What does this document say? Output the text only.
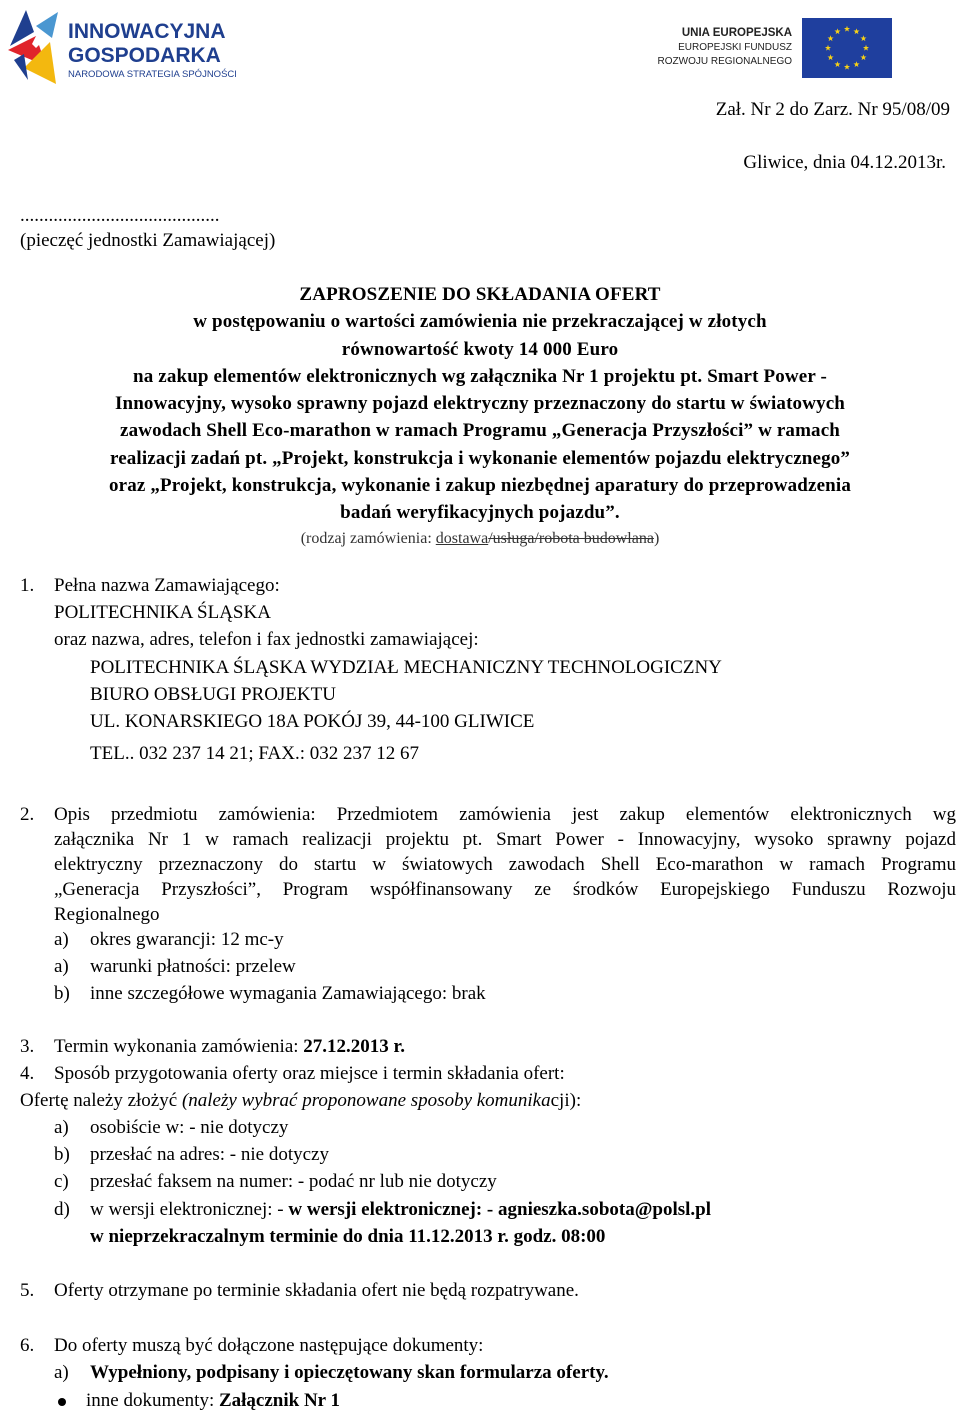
INNOWACYJNA
GOSPODARKA
NARODOWA STRATEGIA SPÓJNOŚCI
UNIA EUROPEJSKA
EUROPEJSKI FUNDUSZ
ROZWOJU REGIONALNEGO
Zał. Nr 2 do Zarz. Nr 95/08/09
Gliwice, dnia 04.12.2013r.
..........................................
(pieczęć jednostki Zamawiającej)
ZAPROSZENIE DO SKŁADANIA OFERT
w postępowaniu o wartości zamówienia nie przekraczającej w złotych
równowartość kwoty 14 000 Euro
na zakup elementów elektronicznych wg załącznika Nr 1 projektu pt. Smart Power -
Innowacyjny, wysoko sprawny pojazd elektryczny przeznaczony do startu w światowych
zawodach Shell Eco-marathon w ramach Programu „Generacja Przyszłości” w ramach
realizacji zadań pt. „Projekt, konstrukcja i wykonanie elementów pojazdu elektrycznego”
oraz „Projekt, konstrukcja, wykonanie i zakup niezbędnej aparatury do przeprowadzenia
badań weryfikacyjnych pojazdu”.
(rodzaj zamówienia: dostawa/usługa/robota budowlana)
1. Pełna nazwa Zamawiającego:
POLITECHNIKA ŚLĄSKA
oraz nazwa, adres, telefon i fax jednostki zamawiającej:
POLITECHNIKA ŚLĄSKA WYDZIAŁ MECHANICZNY TECHNOLOGICZNY
BIURO OBSŁUGI PROJEKTU
UL. KONARSKIEGO 18A POKÓJ 39, 44-100 GLIWICE
TEL.. 032 237 14 21; FAX.: 032 237 12 67
2. Opis przedmiotu zamówienia: Przedmiotem zamówienia jest zakup elementów elektronicznych wg
załącznika Nr 1 w ramach realizacji projektu pt. Smart Power - Innowacyjny, wysoko sprawny pojazd
elektryczny przeznaczony do startu w światowych zawodach Shell Eco-marathon w ramach Programu
„Generacja Przyszłości”, Program współfinansowany ze środków Europejskiego Funduszu Rozwoju
Regionalnego
a) okres gwarancji: 12 mc-y
a) warunki płatności: przelew
b) inne szczegółowe wymagania Zamawiającego: brak
3. Termin wykonania zamówienia: 27.12.2013 r.
4. Sposób przygotowania oferty oraz miejsce i termin składania ofert:
Ofertę należy złożyć (należy wybrać proponowane sposoby komunikacji):
a) osobiście w: - nie dotyczy
b) przesłać na adres: - nie dotyczy
c) przesłać faksem na numer: - podać nr lub nie dotyczy
d) w wersji elektronicznej: - w wersji elektronicznej: - agnieszka.sobota@polsl.pl
w nieprzekraczalnym terminie do dnia 11.12.2013 r. godz. 08:00
5. Oferty otrzymane po terminie składania ofert nie będą rozpatrywane.
6. Do oferty muszą być dołączone następujące dokumenty:
a) Wypełniony, podpisany i opieczętowany skan formularza oferty.
inne dokumenty: Załącznik Nr 1
